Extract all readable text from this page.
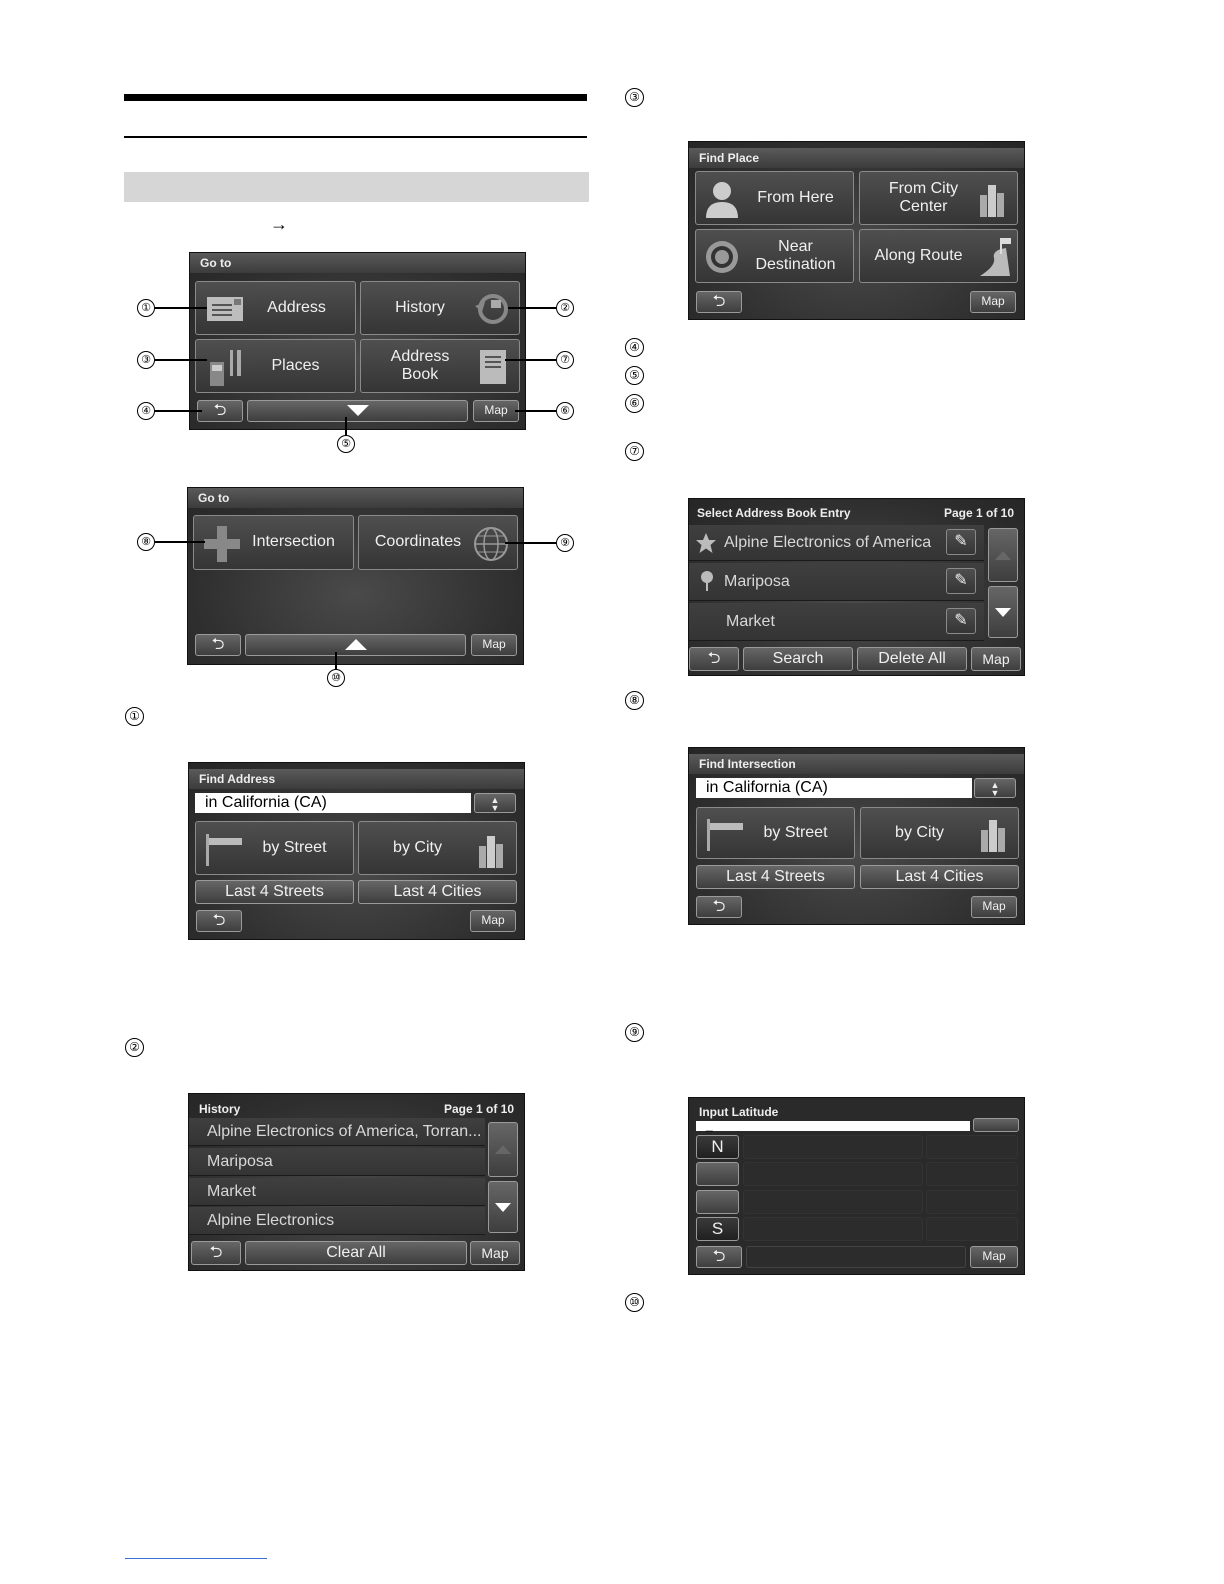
→
Go to
Address	History
Places
Address
Book
⮌	Map
①	②
③	⑦
④	⑥
⑤
Go to
Intersection	Coordinates
⮌	Map
⑧	⑨
⑩
①
②
Find Address
in California (CA)	▲
▼
by Street	by City
Last 4 Streets	Last 4 Cities
⮌	Map
History	Page 1 of 10
Alpine Electronics of America, Torran...
Mariposa
Market
Alpine Electronics
⮌	Clear All	Map
③
Find Place
From Here
From City
Center
Near
Destination
Along Route
⮌	Map
④
⑤
⑥
⑦
Select Address Book Entry	Page 1 of 10
Alpine Electronics of America	✎
Mariposa	✎
Market	✎
⮌	Search	Delete All	Map
⑧
Find Intersection
in California (CA)	▲
▼
by Street	by City
Last 4 Streets	Last 4 Cities
⮌	Map
⑨
Input Latitude
_
N
S
⮌	Map
⑩
